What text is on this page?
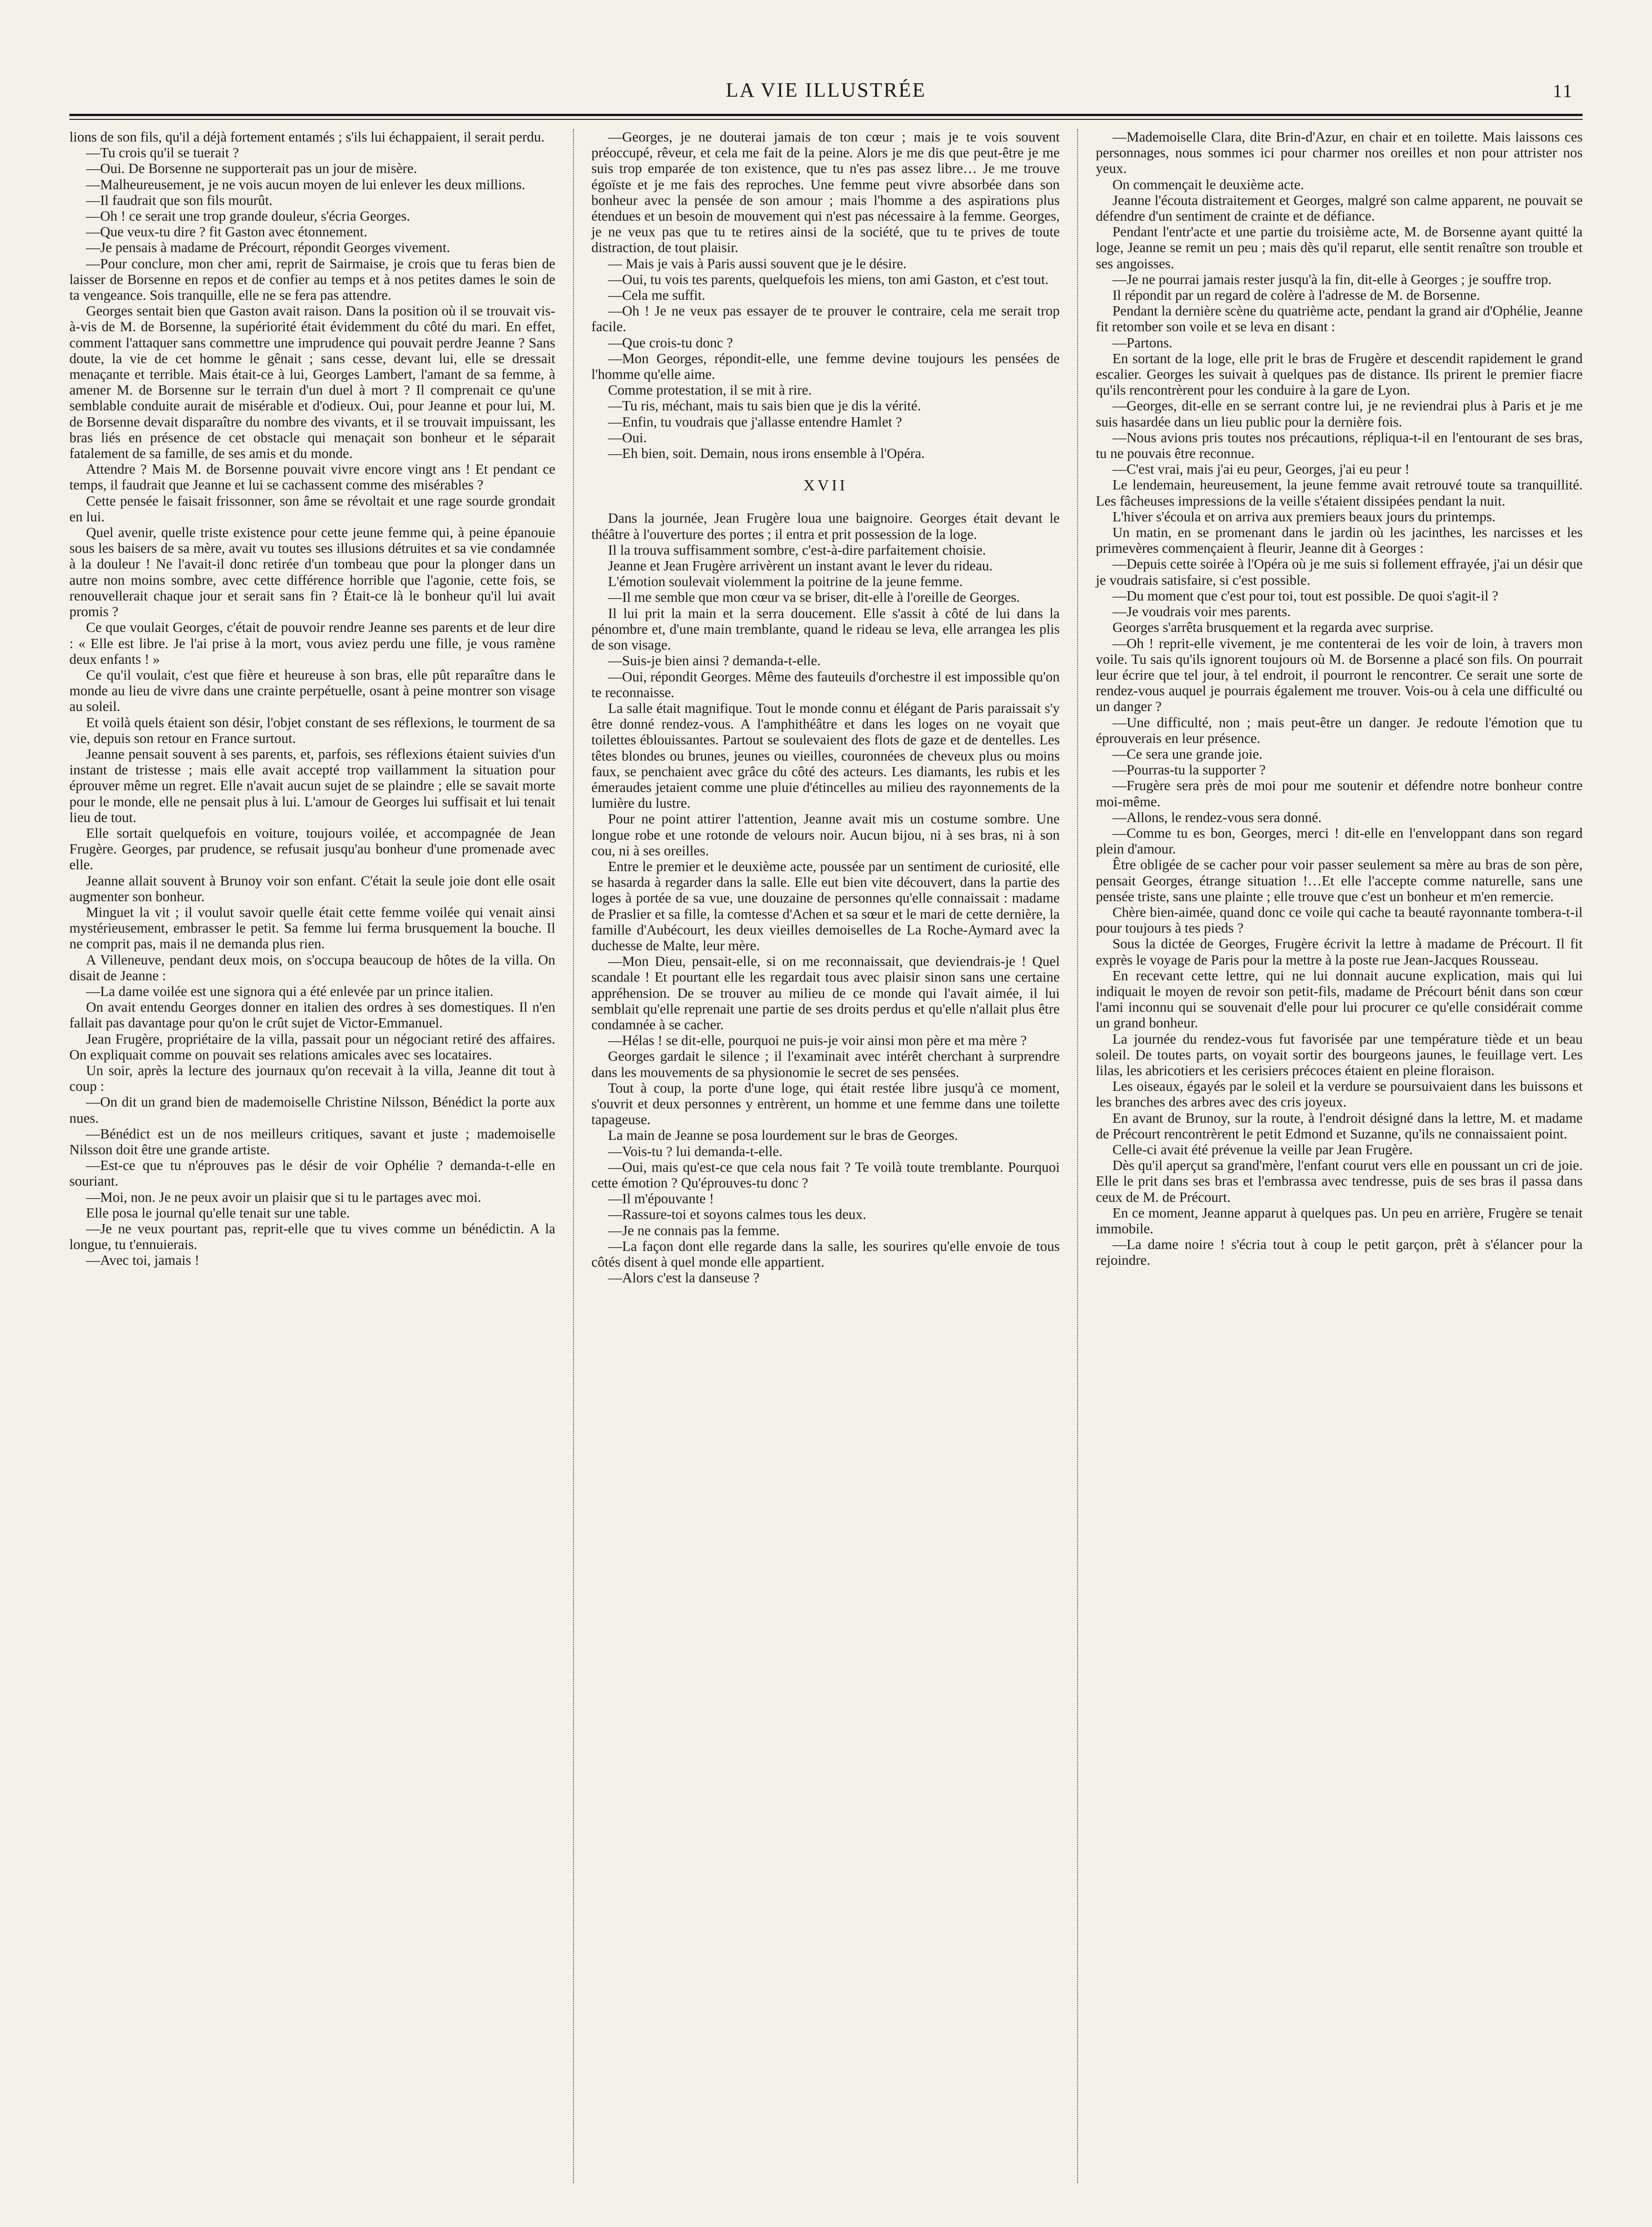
LA VIE ILLUSTRÉE	11

lions de son fils, qu'il a déjà fortement entamés ; s'ils lui échappaient, il serait perdu.

—Tu crois qu'il se tuerait ?

—Oui. De Borsenne ne supporterait pas un jour de misère.

—Malheureusement, je ne vois aucun moyen de lui enlever les deux millions.

—Il faudrait que son fils mourût.

—Oh ! ce serait une trop grande douleur, s'écria Georges.

—Que veux-tu dire ? fit Gaston avec étonnement.

—Je pensais à madame de Précourt, répondit Georges vivement.

—Pour conclure, mon cher ami, reprit de Sairmaise, je crois que tu feras bien de laisser de Borsenne en repos et de confier au temps et à nos petites dames le soin de ta vengeance. Sois tranquille, elle ne se fera pas attendre.

Georges sentait bien que Gaston avait raison. Dans la position où il se trouvait vis-à-vis de M. de Borsenne, la supériorité était évidemment du côté du mari. En effet, comment l'attaquer sans commettre une imprudence qui pouvait perdre Jeanne ? Sans doute, la vie de cet homme le gênait ; sans cesse, devant lui, elle se dressait menaçante et terrible. Mais était-ce à lui, Georges Lambert, l'amant de sa femme, à amener M. de Borsenne sur le terrain d'un duel à mort ? Il comprenait ce qu'une semblable conduite aurait de misérable et d'odieux. Oui, pour Jeanne et pour lui, M. de Borsenne devait disparaître du nombre des vivants, et il se trouvait impuissant, les bras liés en présence de cet obstacle qui menaçait son bonheur et le séparait fatalement de sa famille, de ses amis et du monde.

Attendre ? Mais M. de Borsenne pouvait vivre encore vingt ans ! Et pendant ce temps, il faudrait que Jeanne et lui se cachassent comme des misérables ?

Cette pensée le faisait frissonner, son âme se révoltait et une rage sourde grondait en lui.

Quel avenir, quelle triste existence pour cette jeune femme qui, à peine épanouie sous les baisers de sa mère, avait vu toutes ses illusions détruites et sa vie condamnée à la douleur ! Ne l'avait-il donc retirée d'un tombeau que pour la plonger dans un autre non moins sombre, avec cette différence horrible que l'agonie, cette fois, se renouvellerait chaque jour et serait sans fin ? Était-ce là le bonheur qu'il lui avait promis ?

Ce que voulait Georges, c'était de pouvoir rendre Jeanne ses parents et de leur dire : « Elle est libre. Je l'ai prise à la mort, vous aviez perdu une fille, je vous ramène deux enfants ! »

Ce qu'il voulait, c'est que fière et heureuse à son bras, elle pût reparaître dans le monde au lieu de vivre dans une crainte perpétuelle, osant à peine montrer son visage au soleil.

Et voilà quels étaient son désir, l'objet constant de ses réflexions, le tourment de sa vie, depuis son retour en France surtout.

Jeanne pensait souvent à ses parents, et, parfois, ses réflexions étaient suivies d'un instant de tristesse ; mais elle avait accepté trop vaillamment la situation pour éprouver même un regret. Elle n'avait aucun sujet de se plaindre ; elle se savait morte pour le monde, elle ne pensait plus à lui. L'amour de Georges lui suffisait et lui tenait lieu de tout.

Elle sortait quelquefois en voiture, toujours voilée, et accompagnée de Jean Frugère. Georges, par prudence, se refusait jusqu'au bonheur d'une promenade avec elle.

Jeanne allait souvent à Brunoy voir son enfant. C'était la seule joie dont elle osait augmenter son bonheur.

Minguet la vit ; il voulut savoir quelle était cette femme voilée qui venait ainsi mystérieusement, embrasser le petit. Sa femme lui ferma brusquement la bouche. Il ne comprit pas, mais il ne demanda plus rien.

A Villeneuve, pendant deux mois, on s'occupa beaucoup de hôtes de la villa. On disait de Jeanne :

—La dame voilée est une signora qui a été enlevée par un prince italien.

On avait entendu Georges donner en italien des ordres à ses domestiques. Il n'en fallait pas davantage pour qu'on le crût sujet de Victor-Emmanuel.

Jean Frugère, propriétaire de la villa, passait pour un négociant retiré des affaires. On expliquait comme on pouvait ses relations amicales avec ses locataires.

Un soir, après la lecture des journaux qu'on recevait à la villa, Jeanne dit tout à coup :

—On dit un grand bien de mademoiselle Christine Nilsson, Bénédict la porte aux nues.

—Bénédict est un de nos meilleurs critiques, savant et juste ; mademoiselle Nilsson doit être une grande artiste.

—Est-ce que tu n'éprouves pas le désir de voir Ophélie ? demanda-t-elle en souriant.

—Moi, non. Je ne peux avoir un plaisir que si tu le partages avec moi.

Elle posa le journal qu'elle tenait sur une table.

—Je ne veux pourtant pas, reprit-elle que tu vives comme un bénédictin. A la longue, tu t'ennuierais.

—Avec toi, jamais !

—Georges, je ne douterai jamais de ton cœur ; mais je te vois souvent préoccupé, rêveur, et cela me fait de la peine. Alors je me dis que peut-être je me suis trop emparée de ton existence, que tu n'es pas assez libre… Je me trouve égoïste et je me fais des reproches. Une femme peut vivre absorbée dans son bonheur avec la pensée de son amour ; mais l'homme a des aspirations plus étendues et un besoin de mouvement qui n'est pas nécessaire à la femme. Georges, je ne veux pas que tu te retires ainsi de la société, que tu te prives de toute distraction, de tout plaisir.

— Mais je vais à Paris aussi souvent que je le désire.

—Oui, tu vois tes parents, quelquefois les miens, ton ami Gaston, et c'est tout.

—Cela me suffit.

—Oh ! Je ne veux pas essayer de te prouver le contraire, cela me serait trop facile.

—Que crois-tu donc ?

—Mon Georges, répondit-elle, une femme devine toujours les pensées de l'homme qu'elle aime.

Comme protestation, il se mit à rire.

—Tu ris, méchant, mais tu sais bien que je dis la vérité.

—Enfin, tu voudrais que j'allasse entendre Hamlet ?

—Oui.

—Eh bien, soit. Demain, nous irons ensemble à l'Opéra.

XVII

Dans la journée, Jean Frugère loua une baignoire. Georges était devant le théâtre à l'ouverture des portes ; il entra et prit possession de la loge.

Il la trouva suffisamment sombre, c'est-à-dire parfaitement choisie.

Jeanne et Jean Frugère arrivèrent un instant avant le lever du rideau.

L'émotion soulevait violemment la poitrine de la jeune femme.

—Il me semble que mon cœur va se briser, dit-elle à l'oreille de Georges.

Il lui prit la main et la serra doucement. Elle s'assit à côté de lui dans la pénombre et, d'une main tremblante, quand le rideau se leva, elle arrangea les plis de son visage.

—Suis-je bien ainsi ? demanda-t-elle.

—Oui, répondit Georges. Même des fauteuils d'orchestre il est impossible qu'on te reconnaisse.

La salle était magnifique. Tout le monde connu et élégant de Paris paraissait s'y être donné rendez-vous. A l'amphithéâtre et dans les loges on ne voyait que toilettes éblouissantes. Partout se soulevaient des flots de gaze et de dentelles. Les têtes blondes ou brunes, jeunes ou vieilles, couronnées de cheveux plus ou moins faux, se penchaient avec grâce du côté des acteurs. Les diamants, les rubis et les émeraudes jetaient comme une pluie d'étincelles au milieu des rayonnements de la lumière du lustre.

Pour ne point attirer l'attention, Jeanne avait mis un costume sombre. Une longue robe et une rotonde de velours noir. Aucun bijou, ni à ses bras, ni à son cou, ni à ses oreilles.

Entre le premier et le deuxième acte, poussée par un sentiment de curiosité, elle se hasarda à regarder dans la salle. Elle eut bien vite découvert, dans la partie des loges à portée de sa vue, une douzaine de personnes qu'elle connaissait : madame de Praslier et sa fille, la comtesse d'Achen et sa sœur et le mari de cette dernière, la famille d'Aubécourt, les deux vieilles demoiselles de La Roche-Aymard avec la duchesse de Malte, leur mère.

—Mon Dieu, pensait-elle, si on me reconnaissait, que deviendrais-je ! Quel scandale ! Et pourtant elle les regardait tous avec plaisir sinon sans une certaine appréhension. De se trouver au milieu de ce monde qui l'avait aimée, il lui semblait qu'elle reprenait une partie de ses droits perdus et qu'elle n'allait plus être condamnée à se cacher.

—Hélas ! se dit-elle, pourquoi ne puis-je voir ainsi mon père et ma mère ?

Georges gardait le silence ; il l'examinait avec intérêt cherchant à surprendre dans les mouvements de sa physionomie le secret de ses pensées.

Tout à coup, la porte d'une loge, qui était restée libre jusqu'à ce moment, s'ouvrit et deux personnes y entrèrent, un homme et une femme dans une toilette tapageuse.

La main de Jeanne se posa lourdement sur le bras de Georges.

—Vois-tu ? lui demanda-t-elle.

—Oui, mais qu'est-ce que cela nous fait ? Te voilà toute tremblante. Pourquoi cette émotion ? Qu'éprouves-tu donc ?

—Il m'épouvante !

—Rassure-toi et soyons calmes tous les deux.

—Je ne connais pas la femme.

—La façon dont elle regarde dans la salle, les sourires qu'elle envoie de tous côtés disent à quel monde elle appartient.

—Alors c'est la danseuse ?

—Mademoiselle Clara, dite Brin-d'Azur, en chair et en toilette. Mais laissons ces personnages, nous sommes ici pour charmer nos oreilles et non pour attrister nos yeux.

On commençait le deuxième acte.

Jeanne l'écouta distraitement et Georges, malgré son calme apparent, ne pouvait se défendre d'un sentiment de crainte et de défiance.

Pendant l'entr'acte et une partie du troisième acte, M. de Borsenne ayant quitté la loge, Jeanne se remit un peu ; mais dès qu'il reparut, elle sentit renaître son trouble et ses angoisses.

—Je ne pourrai jamais rester jusqu'à la fin, dit-elle à Georges ; je souffre trop.

Il répondit par un regard de colère à l'adresse de M. de Borsenne.

Pendant la dernière scène du quatrième acte, pendant la grand air d'Ophélie, Jeanne fit retomber son voile et se leva en disant :

—Partons.

En sortant de la loge, elle prit le bras de Frugère et descendit rapidement le grand escalier. Georges les suivait à quelques pas de distance. Ils prirent le premier fiacre qu'ils rencontrèrent pour les conduire à la gare de Lyon.

—Georges, dit-elle en se serrant contre lui, je ne reviendrai plus à Paris et je me suis hasardée dans un lieu public pour la dernière fois.

—Nous avions pris toutes nos précautions, répliqua-t-il en l'entourant de ses bras, tu ne pouvais être reconnue.

—C'est vrai, mais j'ai eu peur, Georges, j'ai eu peur !

Le lendemain, heureusement, la jeune femme avait retrouvé toute sa tranquillité. Les fâcheuses impressions de la veille s'étaient dissipées pendant la nuit.

L'hiver s'écoula et on arriva aux premiers beaux jours du printemps.

Un matin, en se promenant dans le jardin où les jacinthes, les narcisses et les primevères commençaient à fleurir, Jeanne dit à Georges :

—Depuis cette soirée à l'Opéra où je me suis si follement effrayée, j'ai un désir que je voudrais satisfaire, si c'est possible.

—Du moment que c'est pour toi, tout est possible. De quoi s'agit-il ?

—Je voudrais voir mes parents.

Georges s'arrêta brusquement et la regarda avec surprise.

—Oh ! reprit-elle vivement, je me contenterai de les voir de loin, à travers mon voile. Tu sais qu'ils ignorent toujours où M. de Borsenne a placé son fils. On pourrait leur écrire que tel jour, à tel endroit, il pourront le rencontrer. Ce serait une sorte de rendez-vous auquel je pourrais également me trouver. Vois-ou à cela une difficulté ou un danger ?

—Une difficulté, non ; mais peut-être un danger. Je redoute l'émotion que tu éprouverais en leur présence.

—Ce sera une grande joie.

—Pourras-tu la supporter ?

—Frugère sera près de moi pour me soutenir et défendre notre bonheur contre moi-même.

—Allons, le rendez-vous sera donné.

—Comme tu es bon, Georges, merci ! dit-elle en l'enveloppant dans son regard plein d'amour.

Être obligée de se cacher pour voir passer seulement sa mère au bras de son père, pensait Georges, étrange situation !…Et elle l'accepte comme naturelle, sans une pensée triste, sans une plainte ; elle trouve que c'est un bonheur et m'en remercie.

Chère bien-aimée, quand donc ce voile qui cache ta beauté rayonnante tombera-t-il pour toujours à tes pieds ?

Sous la dictée de Georges, Frugère écrivit la lettre à madame de Précourt. Il fit exprès le voyage de Paris pour la mettre à la poste rue Jean-Jacques Rousseau.

En recevant cette lettre, qui ne lui donnait aucune explication, mais qui lui indiquait le moyen de revoir son petit-fils, madame de Précourt bénit dans son cœur l'ami inconnu qui se souvenait d'elle pour lui procurer ce qu'elle considérait comme un grand bonheur.

La journée du rendez-vous fut favorisée par une température tiède et un beau soleil. De toutes parts, on voyait sortir des bourgeons jaunes, le feuillage vert. Les lilas, les abricotiers et les cerisiers précoces étaient en pleine floraison.

Les oiseaux, égayés par le soleil et la verdure se poursuivaient dans les buissons et les branches des arbres avec des cris joyeux.

En avant de Brunoy, sur la route, à l'endroit désigné dans la lettre, M. et madame de Précourt rencontrèrent le petit Edmond et Suzanne, qu'ils ne connaissaient point.

Celle-ci avait été prévenue la veille par Jean Frugère.

Dès qu'il aperçut sa grand'mère, l'enfant courut vers elle en poussant un cri de joie. Elle le prit dans ses bras et l'embrassa avec tendresse, puis de ses bras il passa dans ceux de M. de Précourt.

En ce moment, Jeanne apparut à quelques pas. Un peu en arrière, Frugère se tenait immobile.

—La dame noire ! s'écria tout à coup le petit garçon, prêt à s'élancer pour la rejoindre.
